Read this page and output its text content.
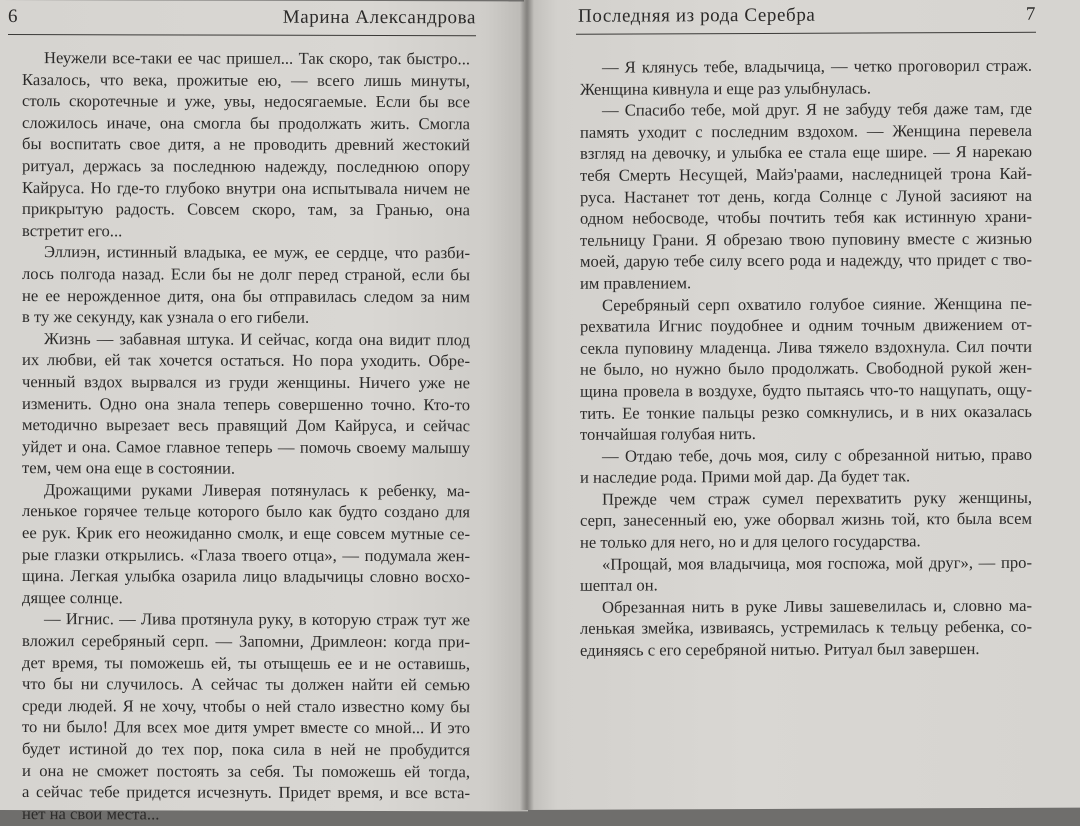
6	Марина Александрова
Неужели все-таки ее час пришел... Так скоро, так быстро...
Казалось, что века, прожитые ею, — всего лишь минуты,
столь скоротечные и уже, увы, недосягаемые. Если бы все
сложилось иначе, она смогла бы продолжать жить. Смогла
бы воспитать свое дитя, а не проводить древний жестокий
ритуал, держась за последнюю надежду, последнюю опору
Кайруса. Но где-то глубоко внутри она испытывала ничем не
прикрытую радость. Совсем скоро, там, за Гранью, она
встретит его...
Эллиэн, истинный владыка, ее муж, ее сердце, что разби-
лось полгода назад. Если бы не долг перед страной, если бы
не ее нерожденное дитя, она бы отправилась следом за ним
в ту же секунду, как узнала о его гибели.
Жизнь — забавная штука. И сейчас, когда она видит плод
их любви, ей так хочется остаться. Но пора уходить. Обре-
ченный вздох вырвался из груди женщины. Ничего уже не
изменить. Одно она знала теперь совершенно точно. Кто-то
методично вырезает весь правящий Дом Кайруса, и сейчас
уйдет и она. Самое главное теперь — помочь своему малышу
тем, чем она еще в состоянии.
Дрожащими руками Ливерая потянулась к ребенку, ма-
ленькое горячее тельце которого было как будто создано для
ее рук. Крик его неожиданно смолк, и еще совсем мутные се-
рые глазки открылись. «Глаза твоего отца», — подумала жен-
щина. Легкая улыбка озарила лицо владычицы словно восхо-
дящее солнце.
— Игнис. — Лива протянула руку, в которую страж тут же
вложил серебряный серп. — Запомни, Дримлеон: когда при-
дет время, ты поможешь ей, ты отыщешь ее и не оставишь,
что бы ни случилось. А сейчас ты должен найти ей семью
среди людей. Я не хочу, чтобы о ней стало известно кому бы
то ни было! Для всех мое дитя умрет вместе со мной... И это
будет истиной до тех пор, пока сила в ней не пробудится
и она не сможет постоять за себя. Ты поможешь ей тогда,
а сейчас тебе придется исчезнуть. Придет время, и все вста-
нет на свои места...
Последняя из рода Серебра	7
— Я клянусь тебе, владычица, — четко проговорил страж.
Женщина кивнула и еще раз улыбнулась.
— Спасибо тебе, мой друг. Я не забуду тебя даже там, где
память уходит с последним вздохом. — Женщина перевела
взгляд на девочку, и улыбка ее стала еще шире. — Я нарекаю
тебя Смерть Несущей, Майэ'раами, наследницей трона Кай-
руса. Настанет тот день, когда Солнце с Луной засияют на
одном небосводе, чтобы почтить тебя как истинную храни-
тельницу Грани. Я обрезаю твою пуповину вместе с жизнью
моей, дарую тебе силу всего рода и надежду, что придет с тво-
им правлением.
Серебряный серп охватило голубое сияние. Женщина пе-
рехватила Игнис поудобнее и одним точным движением от-
секла пуповину младенца. Лива тяжело вздохнула. Сил почти
не было, но нужно было продолжать. Свободной рукой жен-
щина провела в воздухе, будто пытаясь что-то нащупать, ощу-
тить. Ее тонкие пальцы резко сомкнулись, и в них оказалась
тончайшая голубая нить.
— Отдаю тебе, дочь моя, силу с обрезанной нитью, право
и наследие рода. Прими мой дар. Да будет так.
Прежде чем страж сумел перехватить руку женщины,
серп, занесенный ею, уже оборвал жизнь той, кто была всем
не только для него, но и для целого государства.
«Прощай, моя владычица, моя госпожа, мой друг», — про-
шептал он.
Обрезанная нить в руке Ливы зашевелилась и, словно ма-
ленькая змейка, извиваясь, устремилась к тельцу ребенка, со-
единяясь с его серебряной нитью. Ритуал был завершен.
